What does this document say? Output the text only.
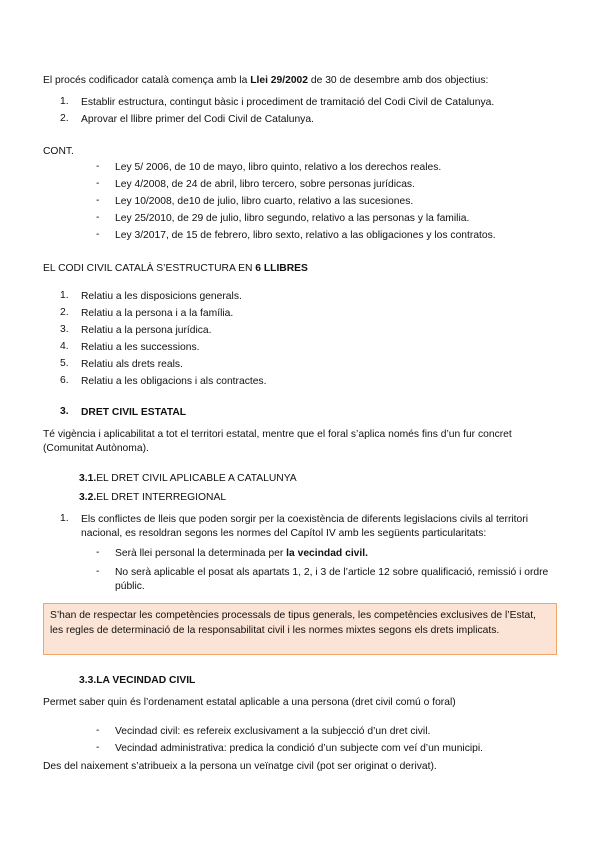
El procés codificador català comença amb la Llei 29/2002 de 30 de desembre amb dos objectius:
1. Establir estructura, contingut bàsic i procediment de tramitació del Codi Civil de Catalunya.
2. Aprovar el llibre primer del Codi Civil de Catalunya.
CONT.
- Ley 5/ 2006, de 10 de mayo, libro quinto, relativo a los derechos reales.
- Ley 4/2008, de 24 de abril, libro tercero, sobre personas jurídicas.
- Ley 10/2008, de10 de julio, libro cuarto, relativo a las sucesiones.
- Ley 25/2010, de 29 de julio, libro segundo, relativo a las personas y la familia.
- Ley 3/2017, de 15 de febrero, libro sexto, relativo a las obligaciones y los contratos.
EL CODI CIVIL CATALÀ S’ESTRUCTURA EN 6 LLIBRES
1. Relatiu a les disposicions generals.
2. Relatiu a la persona i a la família.
3. Relatiu a la persona jurídica.
4. Relatiu a les successions.
5. Relatiu als drets reals.
6. Relatiu a les obligacions i als contractes.
3. DRET CIVIL ESTATAL
Té vigència i aplicabilitat a tot el territori estatal, mentre que el foral s’aplica només fins d’un fur concret (Comunitat Autònoma).
3.1.EL DRET CIVIL APLICABLE A CATALUNYA
3.2.EL DRET INTERREGIONAL
1. Els conflictes de lleis que poden sorgir per la coexistència de diferents legislacions civils al territori nacional, es resoldran segons les normes del Capítol IV amb les següents particularitats:
- Serà llei personal la determinada per la vecindad civil.
- No serà aplicable el posat als apartats 1, 2, i 3 de l’article 12 sobre qualificació, remissió i ordre públic.
S’han de respectar les competències processals de tipus generals, les competències exclusives de l’Estat, les regles de determinació de la responsabilitat civil i les normes mixtes segons els drets implicats.
3.3.LA VECINDAD CIVIL
Permet saber quin és l’ordenament estatal aplicable a una persona (dret civil comú o foral)
- Vecindad civil: es refereix exclusivament a la subjecció d’un dret civil.
- Vecindad administrativa: predica la condició d’un subjecte com veí d’un municipi.
Des del naixement s’atribueix a la persona un veïnatge civil (pot ser originat o derivat).
